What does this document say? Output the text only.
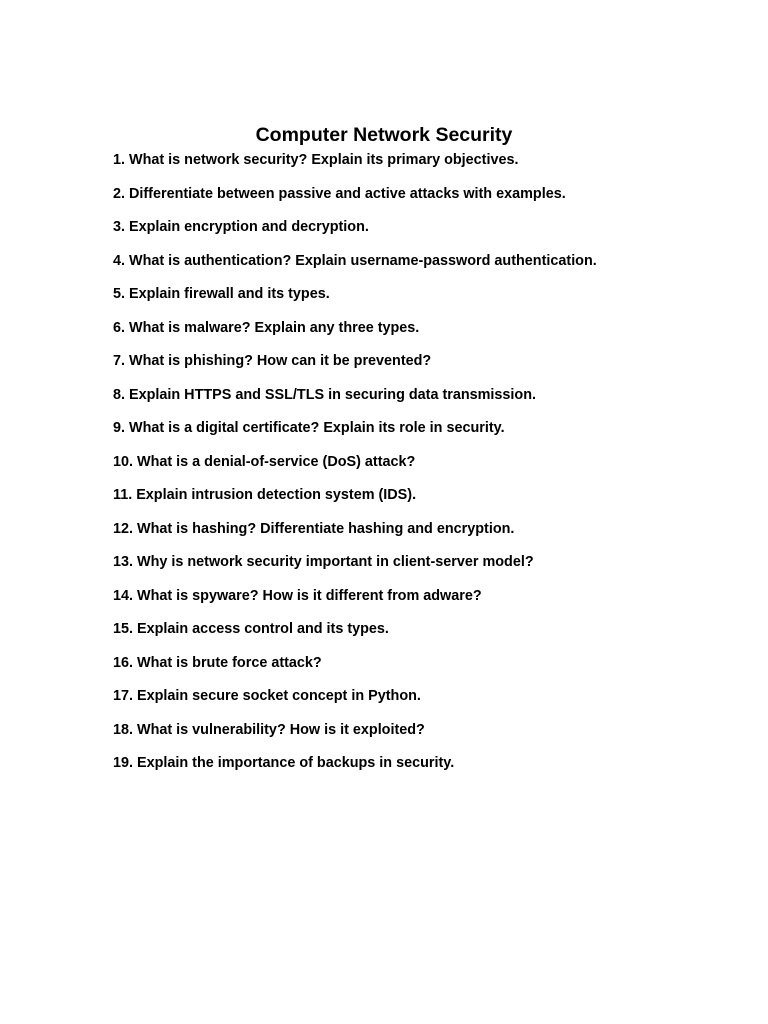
Computer Network Security
1. What is network security? Explain its primary objectives.
2. Differentiate between passive and active attacks with examples.
3. Explain encryption and decryption.
4. What is authentication? Explain username-password authentication.
5. Explain firewall and its types.
6. What is malware? Explain any three types.
7. What is phishing? How can it be prevented?
8. Explain HTTPS and SSL/TLS in securing data transmission.
9. What is a digital certificate? Explain its role in security.
10. What is a denial-of-service (DoS) attack?
11. Explain intrusion detection system (IDS).
12. What is hashing? Differentiate hashing and encryption.
13. Why is network security important in client-server model?
14. What is spyware? How is it different from adware?
15. Explain access control and its types.
16. What is brute force attack?
17. Explain secure socket concept in Python.
18. What is vulnerability? How is it exploited?
19. Explain the importance of backups in security.
